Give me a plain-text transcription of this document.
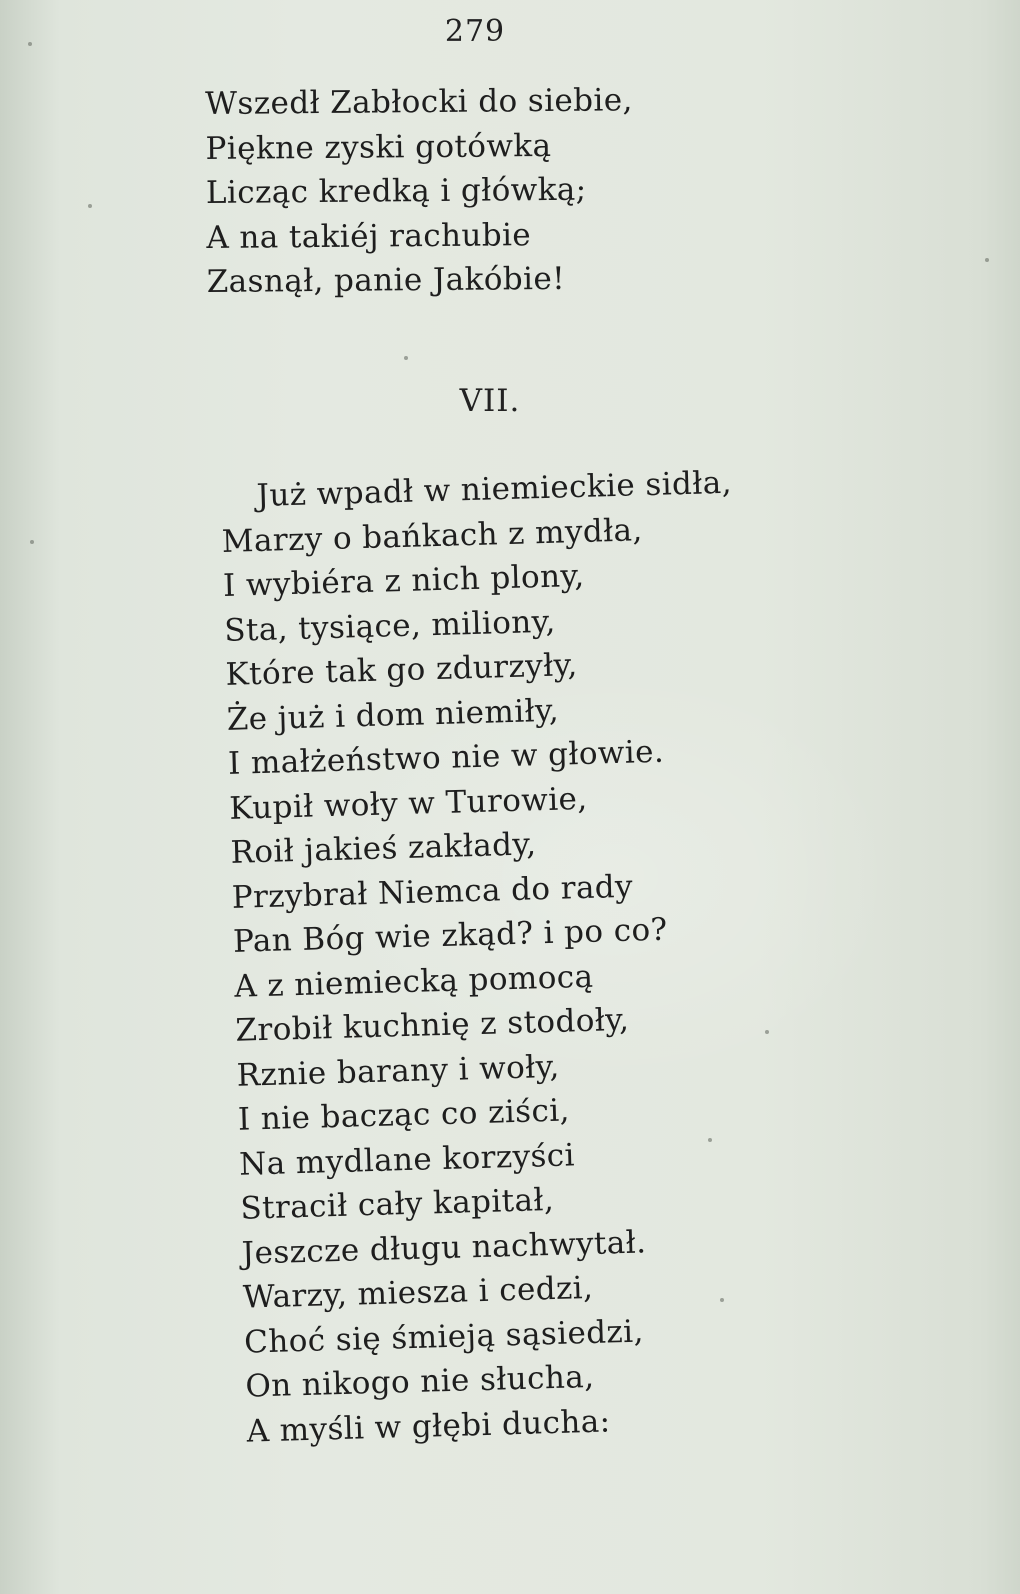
279
Wszedł Zabłocki do siebie,
Piękne zyski gotówką
Licząc kredką i główką;
A na takiéj rachubie
Zasnął, panie Jakóbie!
VII.
Już wpadł w niemieckie sidła,
Marzy o bańkach z mydła,
I wybiéra z nich plony,
Sta, tysiące, miliony,
Które tak go zdurzyły,
Że już i dom niemiły,
I małżeństwo nie w głowie.
Kupił woły w Turowie,
Roił jakieś zakłady,
Przybrał Niemca do rady
Pan Bóg wie zkąd? i po co?
A z niemiecką pomocą
Zrobił kuchnię z stodoły,
Rznie barany i woły,
I nie bacząc co ziści,
Na mydlane korzyści
Stracił cały kapitał,
Jeszcze długu nachwytał.
Warzy, miesza i cedzi,
Choć się śmieją sąsiedzi,
On nikogo nie słucha,
A myśli w głębi ducha:
